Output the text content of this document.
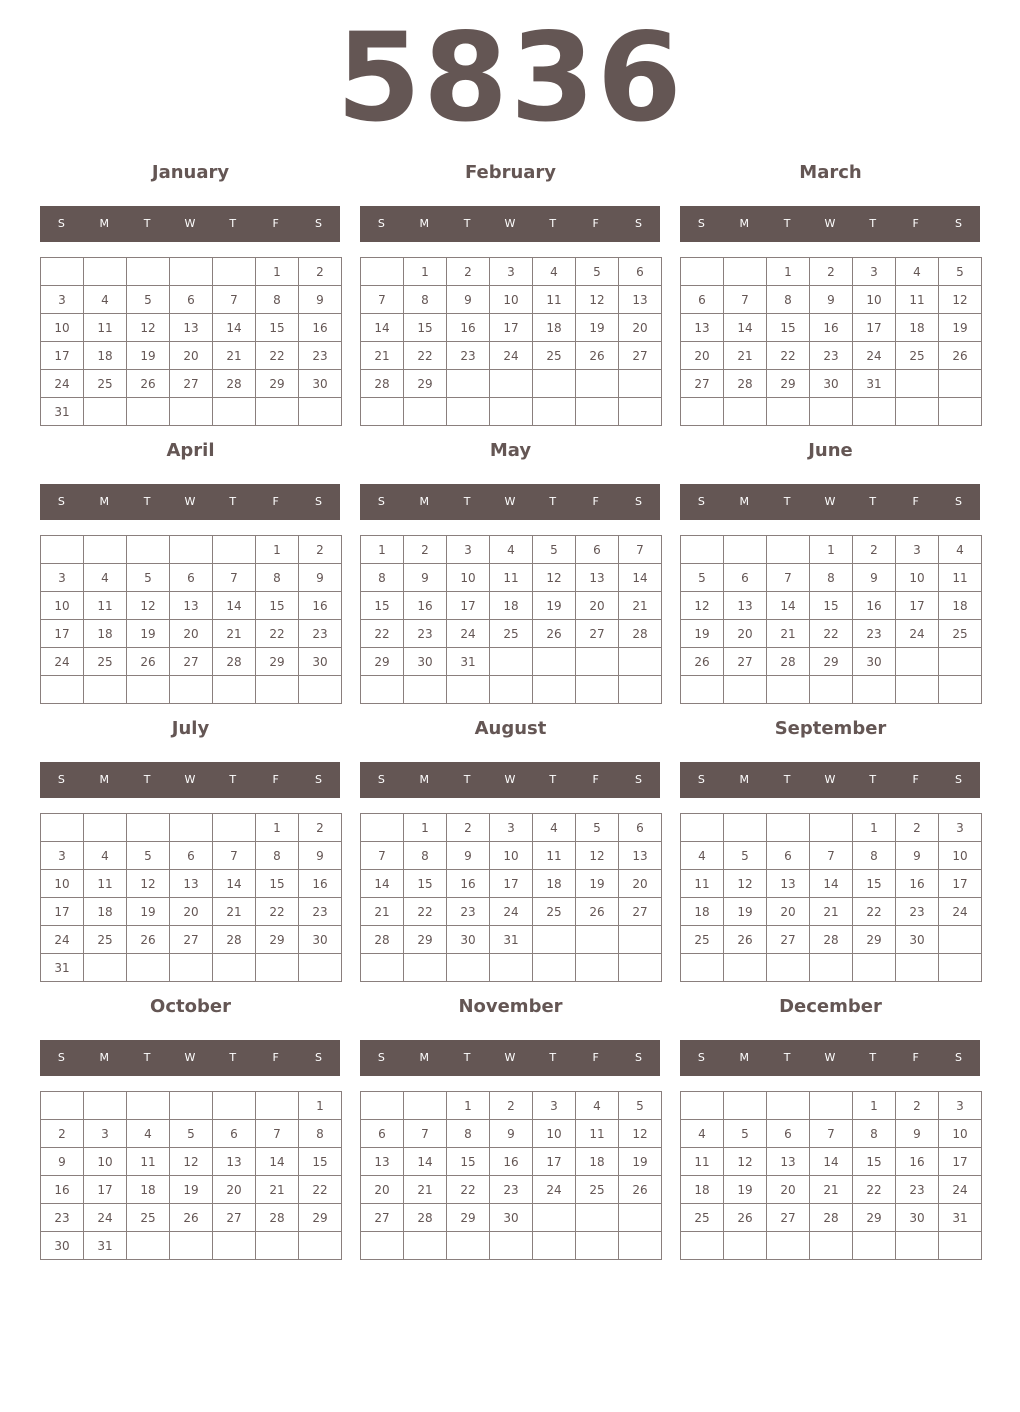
5836
January
S	M	T	W	T	F	S
					1	2
3	4	5	6	7	8	9
10	11	12	13	14	15	16
17	18	19	20	21	22	23
24	25	26	27	28	29	30
31						
February
S	M	T	W	T	F	S
	1	2	3	4	5	6
7	8	9	10	11	12	13
14	15	16	17	18	19	20
21	22	23	24	25	26	27
28	29					

March
S	M	T	W	T	F	S
		1	2	3	4	5
6	7	8	9	10	11	12
13	14	15	16	17	18	19
20	21	22	23	24	25	26
27	28	29	30	31		

April
S	M	T	W	T	F	S
					1	2
3	4	5	6	7	8	9
10	11	12	13	14	15	16
17	18	19	20	21	22	23
24	25	26	27	28	29	30

May
S	M	T	W	T	F	S
1	2	3	4	5	6	7
8	9	10	11	12	13	14
15	16	17	18	19	20	21
22	23	24	25	26	27	28
29	30	31				

June
S	M	T	W	T	F	S
			1	2	3	4
5	6	7	8	9	10	11
12	13	14	15	16	17	18
19	20	21	22	23	24	25
26	27	28	29	30		

July
S	M	T	W	T	F	S
					1	2
3	4	5	6	7	8	9
10	11	12	13	14	15	16
17	18	19	20	21	22	23
24	25	26	27	28	29	30
31						
August
S	M	T	W	T	F	S
	1	2	3	4	5	6
7	8	9	10	11	12	13
14	15	16	17	18	19	20
21	22	23	24	25	26	27
28	29	30	31			

September
S	M	T	W	T	F	S
				1	2	3
4	5	6	7	8	9	10
11	12	13	14	15	16	17
18	19	20	21	22	23	24
25	26	27	28	29	30	

October
S	M	T	W	T	F	S
						1
2	3	4	5	6	7	8
9	10	11	12	13	14	15
16	17	18	19	20	21	22
23	24	25	26	27	28	29
30	31					
November
S	M	T	W	T	F	S
		1	2	3	4	5
6	7	8	9	10	11	12
13	14	15	16	17	18	19
20	21	22	23	24	25	26
27	28	29	30			

December
S	M	T	W	T	F	S
				1	2	3
4	5	6	7	8	9	10
11	12	13	14	15	16	17
18	19	20	21	22	23	24
25	26	27	28	29	30	31
